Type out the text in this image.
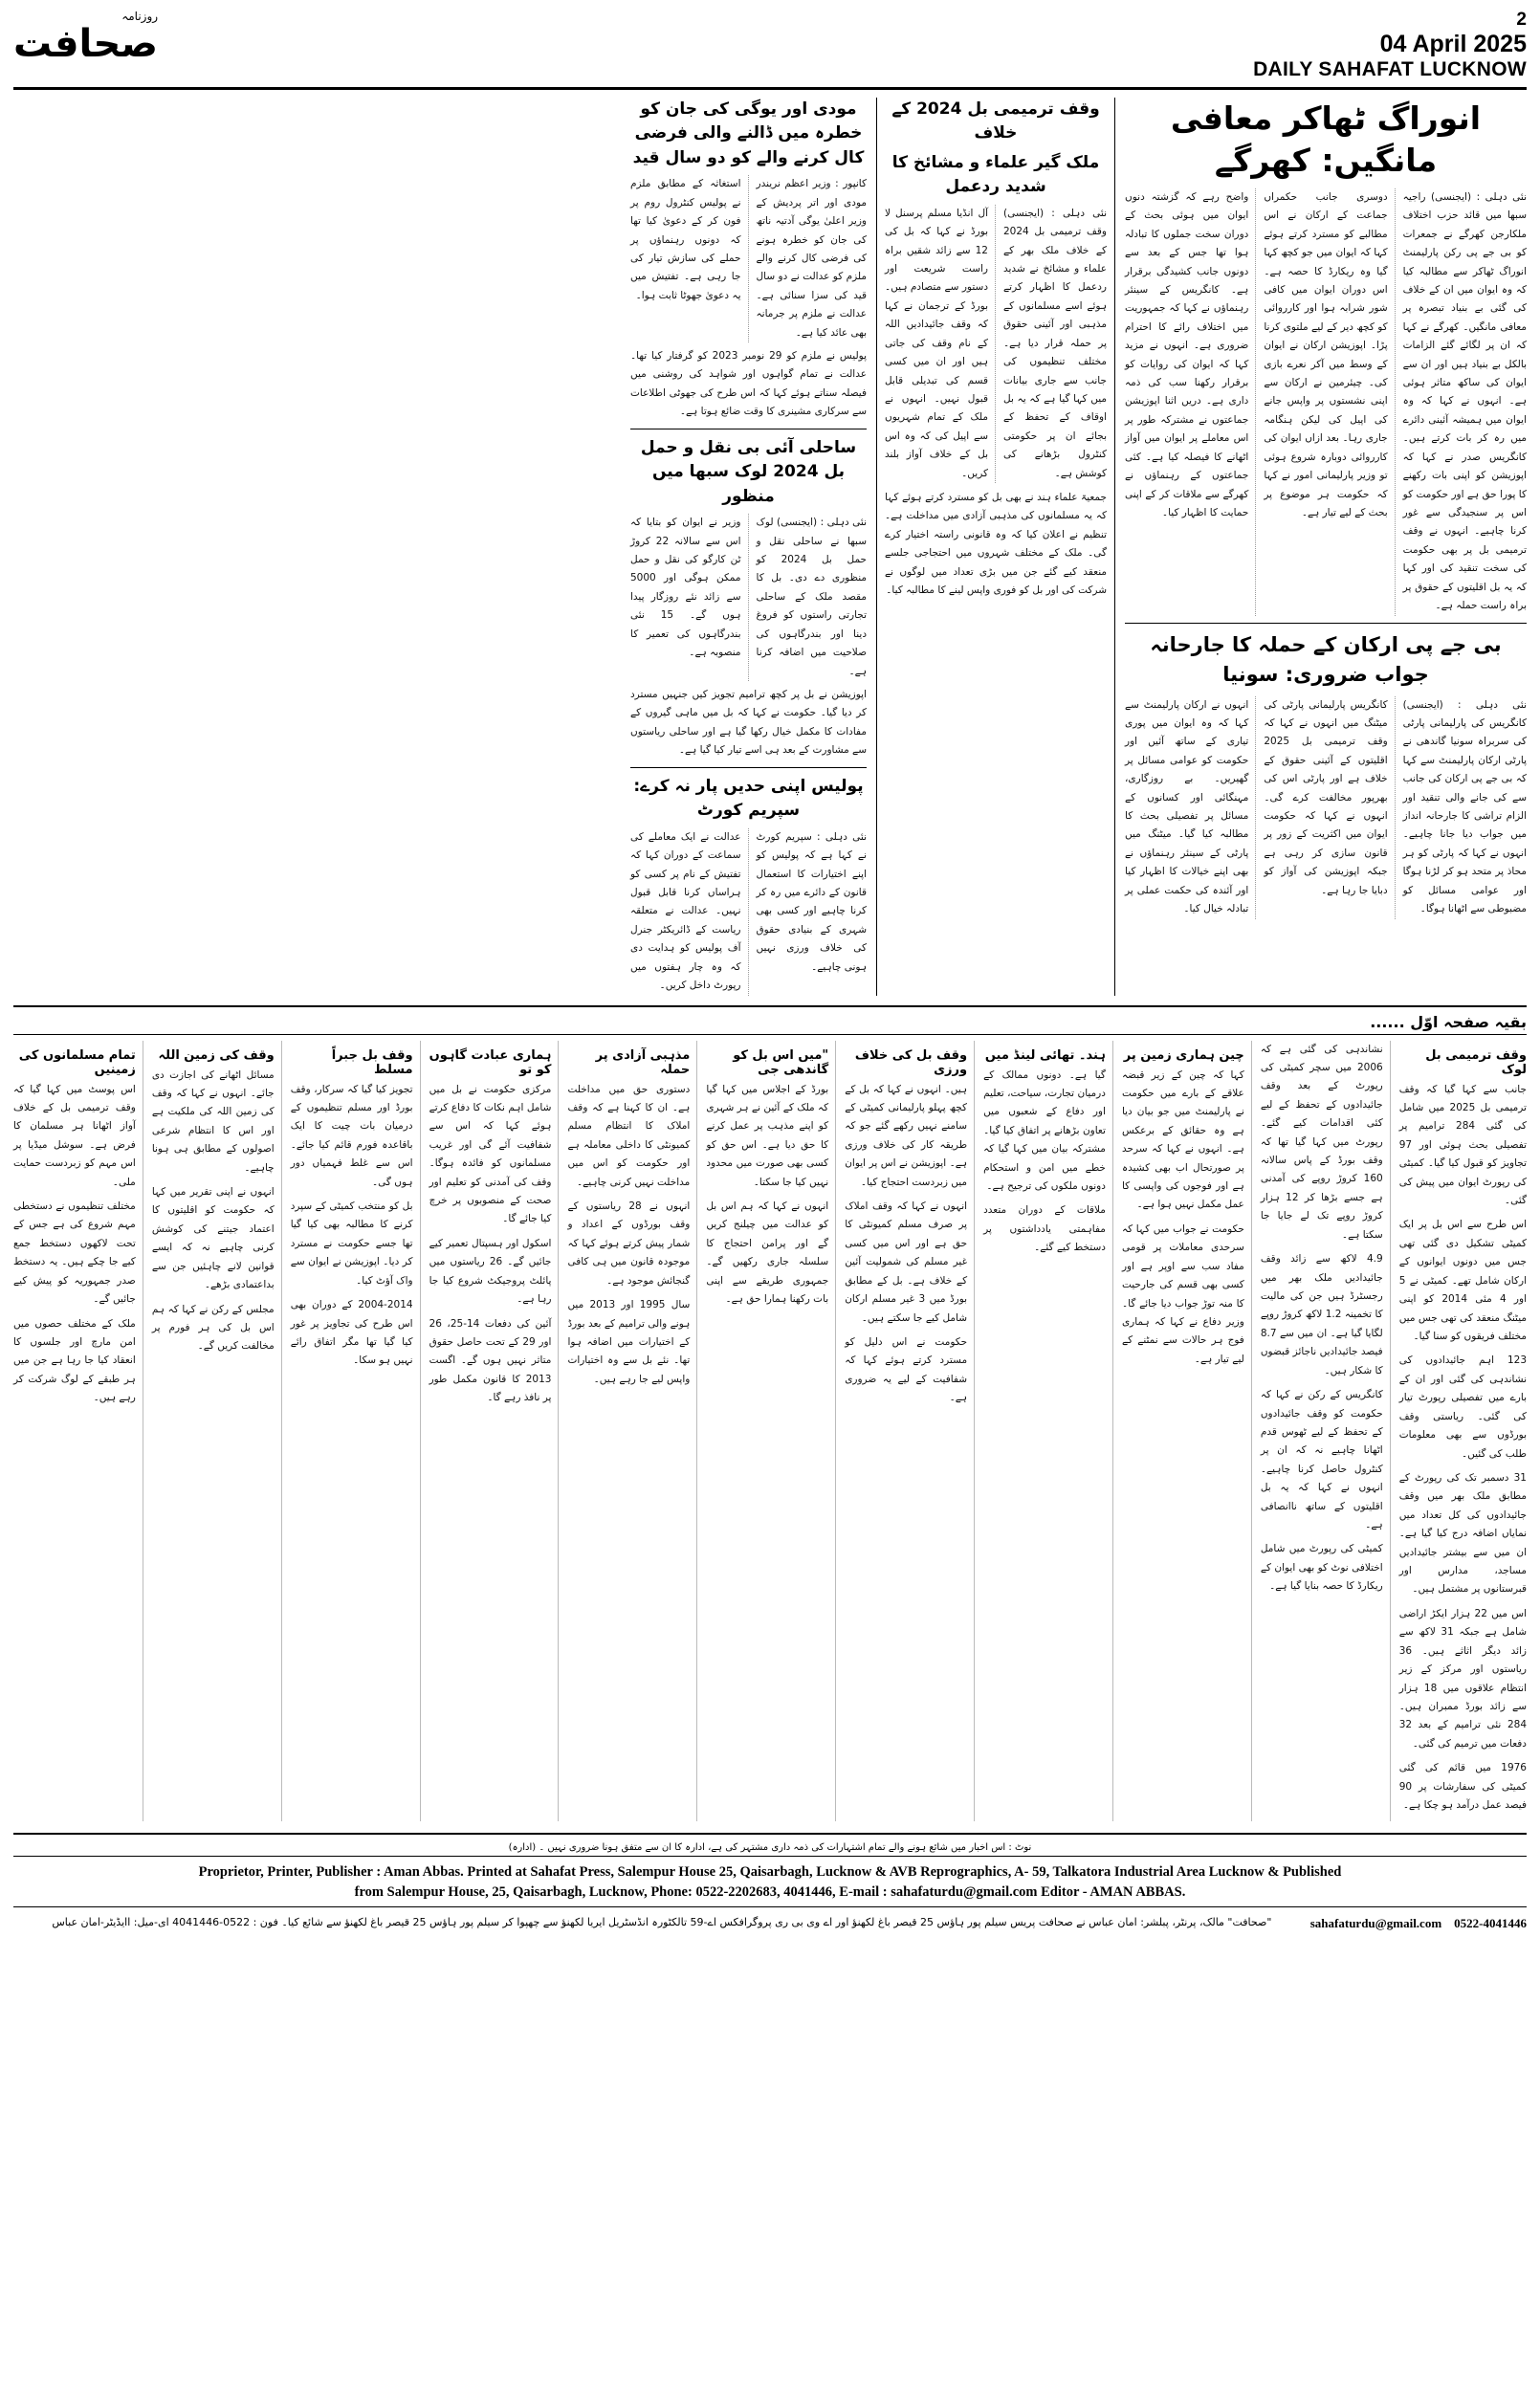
روزنامہ
صحافت
2
04 April 2025
DAILY SAHAFAT LUCKNOW
انوراگ ٹھاکر معافی مانگیں: کھرگے
نئی دہلی : (ایجنسی) راجیہ سبھا میں قائد حزب اختلاف ملکارجن کھرگے نے جمعرات کو بی جے پی رکن پارلیمنٹ انوراگ ٹھاکر سے مطالبہ کیا کہ وہ ایوان میں ان کے خلاف کی گئی بے بنیاد تبصرہ پر معافی مانگیں۔ کھرگے نے کہا کہ ان پر لگائے گئے الزامات بالکل بے بنیاد ہیں اور ان سے ایوان کی ساکھ متاثر ہوئی ہے۔ انہوں نے کہا کہ وہ ایوان میں ہمیشہ آئینی دائرے میں رہ کر بات کرتے ہیں۔ کانگریس صدر نے کہا کہ اپوزیشن کو اپنی بات رکھنے کا پورا حق ہے اور حکومت کو اس پر سنجیدگی سے غور کرنا چاہیے۔ انہوں نے وقف ترمیمی بل پر بھی حکومت کی سخت تنقید کی اور کہا کہ یہ بل اقلیتوں کے حقوق پر براہ راست حملہ ہے۔
دوسری جانب حکمراں جماعت کے ارکان نے اس مطالبے کو مسترد کرتے ہوئے کہا کہ ایوان میں جو کچھ کہا گیا وہ ریکارڈ کا حصہ ہے۔ اس دوران ایوان میں کافی شور شرابہ ہوا اور کارروائی کو کچھ دیر کے لیے ملتوی کرنا پڑا۔ اپوزیشن ارکان نے ایوان کے وسط میں آکر نعرے بازی کی۔ چیئرمین نے ارکان سے اپنی نشستوں پر واپس جانے کی اپیل کی لیکن ہنگامہ جاری رہا۔ بعد ازاں ایوان کی کارروائی دوبارہ شروع ہوئی تو وزیر پارلیمانی امور نے کہا کہ حکومت ہر موضوع پر بحث کے لیے تیار ہے۔
واضح رہے کہ گزشتہ دنوں ایوان میں ہوئی بحث کے دوران سخت جملوں کا تبادلہ ہوا تھا جس کے بعد سے دونوں جانب کشیدگی برقرار ہے۔ کانگریس کے سینئر رہنماؤں نے کہا کہ جمہوریت میں اختلاف رائے کا احترام ضروری ہے۔ انہوں نے مزید کہا کہ ایوان کی روایات کو برقرار رکھنا سب کی ذمہ داری ہے۔ دریں اثنا اپوزیشن جماعتوں نے مشترکہ طور پر اس معاملے پر ایوان میں آواز اٹھانے کا فیصلہ کیا ہے۔ کئی جماعتوں کے رہنماؤں نے کھرگے سے ملاقات کر کے اپنی حمایت کا اظہار کیا۔
بی جے پی ارکان کے حملہ کا جارحانہ جواب ضروری: سونیا
نئی دہلی : (ایجنسی) کانگریس کی پارلیمانی پارٹی کی سربراہ سونیا گاندھی نے پارٹی ارکان پارلیمنٹ سے کہا کہ بی جے پی ارکان کی جانب سے کی جانے والی تنقید اور الزام تراشی کا جارحانہ انداز میں جواب دیا جانا چاہیے۔ انہوں نے کہا کہ پارٹی کو ہر محاذ پر متحد ہو کر لڑنا ہوگا اور عوامی مسائل کو مضبوطی سے اٹھانا ہوگا۔
کانگریس پارلیمانی پارٹی کی میٹنگ میں انہوں نے کہا کہ وقف ترمیمی بل 2025 اقلیتوں کے آئینی حقوق کے خلاف ہے اور پارٹی اس کی بھرپور مخالفت کرے گی۔ انہوں نے کہا کہ حکومت ایوان میں اکثریت کے زور پر قانون سازی کر رہی ہے جبکہ اپوزیشن کی آواز کو دبایا جا رہا ہے۔
انہوں نے ارکان پارلیمنٹ سے کہا کہ وہ ایوان میں پوری تیاری کے ساتھ آئیں اور حکومت کو عوامی مسائل پر گھیریں۔ بے روزگاری، مہنگائی اور کسانوں کے مسائل پر تفصیلی بحث کا مطالبہ کیا گیا۔ میٹنگ میں پارٹی کے سینئر رہنماؤں نے بھی اپنے خیالات کا اظہار کیا اور آئندہ کی حکمت عملی پر تبادلہ خیال کیا۔
وقف ترمیمی بل 2024 کے خلاف
ملک گیر علماء و مشائخ کا شدید ردعمل
نئی دہلی : (ایجنسی) وقف ترمیمی بل 2024 کے خلاف ملک بھر کے علماء و مشائخ نے شدید ردعمل کا اظہار کرتے ہوئے اسے مسلمانوں کے مذہبی اور آئینی حقوق پر حملہ قرار دیا ہے۔ مختلف تنظیموں کی جانب سے جاری بیانات میں کہا گیا ہے کہ یہ بل اوقاف کے تحفظ کے بجائے ان پر حکومتی کنٹرول بڑھانے کی کوشش ہے۔
آل انڈیا مسلم پرسنل لا بورڈ نے کہا کہ بل کی 12 سے زائد شقیں براہ راست شریعت اور دستور سے متصادم ہیں۔ بورڈ کے ترجمان نے کہا کہ وقف جائیدادیں اللہ کے نام وقف کی جاتی ہیں اور ان میں کسی قسم کی تبدیلی قابل قبول نہیں۔ انہوں نے ملک کے تمام شہریوں سے اپیل کی کہ وہ اس بل کے خلاف آواز بلند کریں۔
جمعیۃ علماء ہند نے بھی بل کو مسترد کرتے ہوئے کہا کہ یہ مسلمانوں کی مذہبی آزادی میں مداخلت ہے۔ تنظیم نے اعلان کیا کہ وہ قانونی راستہ اختیار کرے گی۔ ملک کے مختلف شہروں میں احتجاجی جلسے منعقد کیے گئے جن میں بڑی تعداد میں لوگوں نے شرکت کی اور بل کو فوری واپس لینے کا مطالبہ کیا۔
مودی اور یوگی کی جان کو خطرہ میں ڈالنے والی فرضی کال کرنے والے کو دو سال قید
کانپور : وزیر اعظم نریندر مودی اور اتر پردیش کے وزیر اعلیٰ یوگی آدتیہ ناتھ کی جان کو خطرہ ہونے کی فرضی کال کرنے والے ملزم کو عدالت نے دو سال قید کی سزا سنائی ہے۔ عدالت نے ملزم پر جرمانہ بھی عائد کیا ہے۔
استغاثہ کے مطابق ملزم نے پولیس کنٹرول روم پر فون کر کے دعویٰ کیا تھا کہ دونوں رہنماؤں پر حملے کی سازش تیار کی جا رہی ہے۔ تفتیش میں یہ دعویٰ جھوٹا ثابت ہوا۔
پولیس نے ملزم کو 29 نومبر 2023 کو گرفتار کیا تھا۔ عدالت نے تمام گواہوں اور شواہد کی روشنی میں فیصلہ سناتے ہوئے کہا کہ اس طرح کی جھوٹی اطلاعات سے سرکاری مشینری کا وقت ضائع ہوتا ہے۔
ساحلی آئی بی نقل و حمل بل 2024 لوک سبھا میں منظور
نئی دہلی : (ایجنسی) لوک سبھا نے ساحلی نقل و حمل بل 2024 کو منظوری دے دی۔ بل کا مقصد ملک کے ساحلی تجارتی راستوں کو فروغ دینا اور بندرگاہوں کی صلاحیت میں اضافہ کرنا ہے۔
وزیر نے ایوان کو بتایا کہ اس سے سالانہ 22 کروڑ ٹن کارگو کی نقل و حمل ممکن ہوگی اور 5000 سے زائد نئے روزگار پیدا ہوں گے۔ 15 نئی بندرگاہوں کی تعمیر کا منصوبہ ہے۔
اپوزیشن نے بل پر کچھ ترامیم تجویز کیں جنہیں مسترد کر دیا گیا۔ حکومت نے کہا کہ بل میں ماہی گیروں کے مفادات کا مکمل خیال رکھا گیا ہے اور ساحلی ریاستوں سے مشاورت کے بعد ہی اسے تیار کیا گیا ہے۔
پولیس اپنی حدیں پار نہ کرے: سپریم کورٹ
نئی دہلی : سپریم کورٹ نے کہا ہے کہ پولیس کو اپنے اختیارات کا استعمال قانون کے دائرے میں رہ کر کرنا چاہیے اور کسی بھی شہری کے بنیادی حقوق کی خلاف ورزی نہیں ہونی چاہیے۔
عدالت نے ایک معاملے کی سماعت کے دوران کہا کہ تفتیش کے نام پر کسی کو ہراساں کرنا قابل قبول نہیں۔ عدالت نے متعلقہ ریاست کے ڈائریکٹر جنرل آف پولیس کو ہدایت دی کہ وہ چار ہفتوں میں رپورٹ داخل کریں۔
بقیہ صفحہ اوّل ......
وقف ترمیمی بل لوک
جانب سے کہا گیا کہ وقف ترمیمی بل 2025 میں شامل کی گئی 284 ترامیم پر تفصیلی بحث ہوئی اور 97 تجاویز کو قبول کیا گیا۔ کمیٹی کی رپورٹ ایوان میں پیش کی گئی۔
اس طرح سے اس بل پر ایک کمیٹی تشکیل دی گئی تھی جس میں دونوں ایوانوں کے ارکان شامل تھے۔ کمیٹی نے 5 اور 4 مئی 2014 کو اپنی میٹنگ منعقد کی تھی جس میں مختلف فریقوں کو سنا گیا۔
123 اہم جائیدادوں کی نشاندہی کی گئی اور ان کے بارے میں تفصیلی رپورٹ تیار کی گئی۔ ریاستی وقف بورڈوں سے بھی معلومات طلب کی گئیں۔
31 دسمبر تک کی رپورٹ کے مطابق ملک بھر میں وقف جائیدادوں کی کل تعداد میں نمایاں اضافہ درج کیا گیا ہے۔ ان میں سے بیشتر جائیدادیں مساجد، مدارس اور قبرستانوں پر مشتمل ہیں۔
اس میں 22 ہزار ایکڑ اراضی شامل ہے جبکہ 31 لاکھ سے زائد دیگر اثاثے ہیں۔ 36 ریاستوں اور مرکز کے زیر انتظام علاقوں میں 18 ہزار سے زائد بورڈ ممبران ہیں۔ 284 نئی ترامیم کے بعد 32 دفعات میں ترمیم کی گئی۔
1976 میں قائم کی گئی کمیٹی کی سفارشات پر 90 فیصد عمل درآمد ہو چکا ہے۔
نشاندہی کی گئی ہے کہ 2006 میں سچر کمیٹی کی رپورٹ کے بعد وقف جائیدادوں کے تحفظ کے لیے کئی اقدامات کیے گئے۔ رپورٹ میں کہا گیا تھا کہ وقف بورڈ کے پاس سالانہ 160 کروڑ روپے کی آمدنی ہے جسے بڑھا کر 12 ہزار کروڑ روپے تک لے جایا جا سکتا ہے۔
4.9 لاکھ سے زائد وقف جائیدادیں ملک بھر میں رجسٹرڈ ہیں جن کی مالیت کا تخمینہ 1.2 لاکھ کروڑ روپے لگایا گیا ہے۔ ان میں سے 8.7 فیصد جائیدادیں ناجائز قبضوں کا شکار ہیں۔
کانگریس کے رکن نے کہا کہ حکومت کو وقف جائیدادوں کے تحفظ کے لیے ٹھوس قدم اٹھانا چاہیے نہ کہ ان پر کنٹرول حاصل کرنا چاہیے۔ انہوں نے کہا کہ یہ بل اقلیتوں کے ساتھ ناانصافی ہے۔
کمیٹی کی رپورٹ میں شامل اختلافی نوٹ کو بھی ایوان کے ریکارڈ کا حصہ بنایا گیا ہے۔
چین ہماری زمین پر
کہا کہ چین کے زیر قبضہ علاقے کے بارے میں حکومت نے پارلیمنٹ میں جو بیان دیا ہے وہ حقائق کے برعکس ہے۔ انہوں نے کہا کہ سرحد پر صورتحال اب بھی کشیدہ ہے اور فوجوں کی واپسی کا عمل مکمل نہیں ہوا ہے۔
حکومت نے جواب میں کہا کہ سرحدی معاملات پر قومی مفاد سب سے اوپر ہے اور کسی بھی قسم کی جارحیت کا منہ توڑ جواب دیا جائے گا۔ وزیر دفاع نے کہا کہ ہماری فوج ہر حالات سے نمٹنے کے لیے تیار ہے۔
ہند۔ تھائی لینڈ میں
گیا ہے۔ دونوں ممالک کے درمیان تجارت، سیاحت، تعلیم اور دفاع کے شعبوں میں تعاون بڑھانے پر اتفاق کیا گیا۔ مشترکہ بیان میں کہا گیا کہ خطے میں امن و استحکام دونوں ملکوں کی ترجیح ہے۔
ملاقات کے دوران متعدد مفاہمتی یادداشتوں پر دستخط کیے گئے۔
وقف بل کی خلاف ورزی
ہیں۔ انہوں نے کہا کہ بل کے کچھ پہلو پارلیمانی کمیٹی کے سامنے نہیں رکھے گئے جو کہ طریقہ کار کی خلاف ورزی ہے۔ اپوزیشن نے اس پر ایوان میں زبردست احتجاج کیا۔
انہوں نے کہا کہ وقف املاک پر صرف مسلم کمیونٹی کا حق ہے اور اس میں کسی غیر مسلم کی شمولیت آئین کے خلاف ہے۔ بل کے مطابق بورڈ میں 3 غیر مسلم ارکان شامل کیے جا سکتے ہیں۔
حکومت نے اس دلیل کو مسترد کرتے ہوئے کہا کہ شفافیت کے لیے یہ ضروری ہے۔
"میں اس بل کو گاندھی جی
بورڈ کے اجلاس میں کہا گیا کہ ملک کے آئین نے ہر شہری کو اپنے مذہب پر عمل کرنے کا حق دیا ہے۔ اس حق کو کسی بھی صورت میں محدود نہیں کیا جا سکتا۔
انہوں نے کہا کہ ہم اس بل کو عدالت میں چیلنج کریں گے اور پرامن احتجاج کا سلسلہ جاری رکھیں گے۔ جمہوری طریقے سے اپنی بات رکھنا ہمارا حق ہے۔
مذہبی آزادی پر حملہ
دستوری حق میں مداخلت ہے۔ ان کا کہنا ہے کہ وقف املاک کا انتظام مسلم کمیونٹی کا داخلی معاملہ ہے اور حکومت کو اس میں مداخلت نہیں کرنی چاہیے۔
انہوں نے 28 ریاستوں کے وقف بورڈوں کے اعداد و شمار پیش کرتے ہوئے کہا کہ موجودہ قانون میں ہی کافی گنجائش موجود ہے۔
سال 1995 اور 2013 میں ہونے والی ترامیم کے بعد بورڈ کے اختیارات میں اضافہ ہوا تھا۔ نئے بل سے وہ اختیارات واپس لیے جا رہے ہیں۔
ہماری عبادت گاہوں کو تو
مرکزی حکومت نے بل میں شامل اہم نکات کا دفاع کرتے ہوئے کہا کہ اس سے شفافیت آئے گی اور غریب مسلمانوں کو فائدہ ہوگا۔ وقف کی آمدنی کو تعلیم اور صحت کے منصوبوں پر خرچ کیا جائے گا۔
اسکول اور ہسپتال تعمیر کیے جائیں گے۔ 26 ریاستوں میں پائلٹ پروجیکٹ شروع کیا جا رہا ہے۔
آئین کی دفعات 14-25، 26 اور 29 کے تحت حاصل حقوق متاثر نہیں ہوں گے۔ اگست 2013 کا قانون مکمل طور پر نافذ رہے گا۔
وقف بل جبراً مسلط
تجویز کیا گیا کہ سرکار، وقف بورڈ اور مسلم تنظیموں کے درمیان بات چیت کا ایک باقاعدہ فورم قائم کیا جائے۔ اس سے غلط فہمیاں دور ہوں گی۔
بل کو منتخب کمیٹی کے سپرد کرنے کا مطالبہ بھی کیا گیا تھا جسے حکومت نے مسترد کر دیا۔ اپوزیشن نے ایوان سے واک آؤٹ کیا۔
2004-2014 کے دوران بھی اس طرح کی تجاویز پر غور کیا گیا تھا مگر اتفاق رائے نہیں ہو سکا۔
وقف کی زمین اللہ
مسائل اٹھانے کی اجازت دی جائے۔ انہوں نے کہا کہ وقف کی زمین اللہ کی ملکیت ہے اور اس کا انتظام شرعی اصولوں کے مطابق ہی ہونا چاہیے۔
انہوں نے اپنی تقریر میں کہا کہ حکومت کو اقلیتوں کا اعتماد جیتنے کی کوشش کرنی چاہیے نہ کہ ایسے قوانین لانے چاہئیں جن سے بداعتمادی بڑھے۔
مجلس کے رکن نے کہا کہ ہم اس بل کی ہر فورم پر مخالفت کریں گے۔
تمام مسلمانوں کی زمینیں
اس پوسٹ میں کہا گیا کہ وقف ترمیمی بل کے خلاف آواز اٹھانا ہر مسلمان کا فرض ہے۔ سوشل میڈیا پر اس مہم کو زبردست حمایت ملی۔
مختلف تنظیموں نے دستخطی مہم شروع کی ہے جس کے تحت لاکھوں دستخط جمع کیے جا چکے ہیں۔ یہ دستخط صدر جمہوریہ کو پیش کیے جائیں گے۔
ملک کے مختلف حصوں میں امن مارچ اور جلسوں کا انعقاد کیا جا رہا ہے جن میں ہر طبقے کے لوگ شرکت کر رہے ہیں۔
نوٹ : اس اخبار میں شائع ہونے والے تمام اشتہارات کی ذمہ داری مشتہر کی ہے، ادارہ کا ان سے متفق ہونا ضروری نہیں ۔ (ادارہ)
Proprietor, Printer, Publisher : Aman Abbas. Printed at Sahafat Press, Salempur House 25, Qaisarbagh, Lucknow & AVB Reprographics, A- 59, Talkatora Industrial Area Lucknow & Published
from Salempur House, 25, Qaisarbagh, Lucknow, Phone: 0522-2202683, 4041446, E-mail : sahafaturdu@gmail.com Editor - AMAN ABBAS.
"صحافت" مالک، پرنٹر، پبلشر: امان عباس نے صحافت پریس سیلم پور ہاؤس 25 قیصر باغ لکھنؤ اور اے وی بی ری پروگرافکس اے-59 تالکٹورہ انڈسٹریل ایریا لکھنؤ سے چھپوا کر سیلم پور ہاؤس 25 قیصر باغ لکھنؤ سے شائع کیا۔ فون : 0522-4041446 ای-میل: اایڈیٹر-امان عباس	sahafaturdu@gmail.com 0522-4041446
